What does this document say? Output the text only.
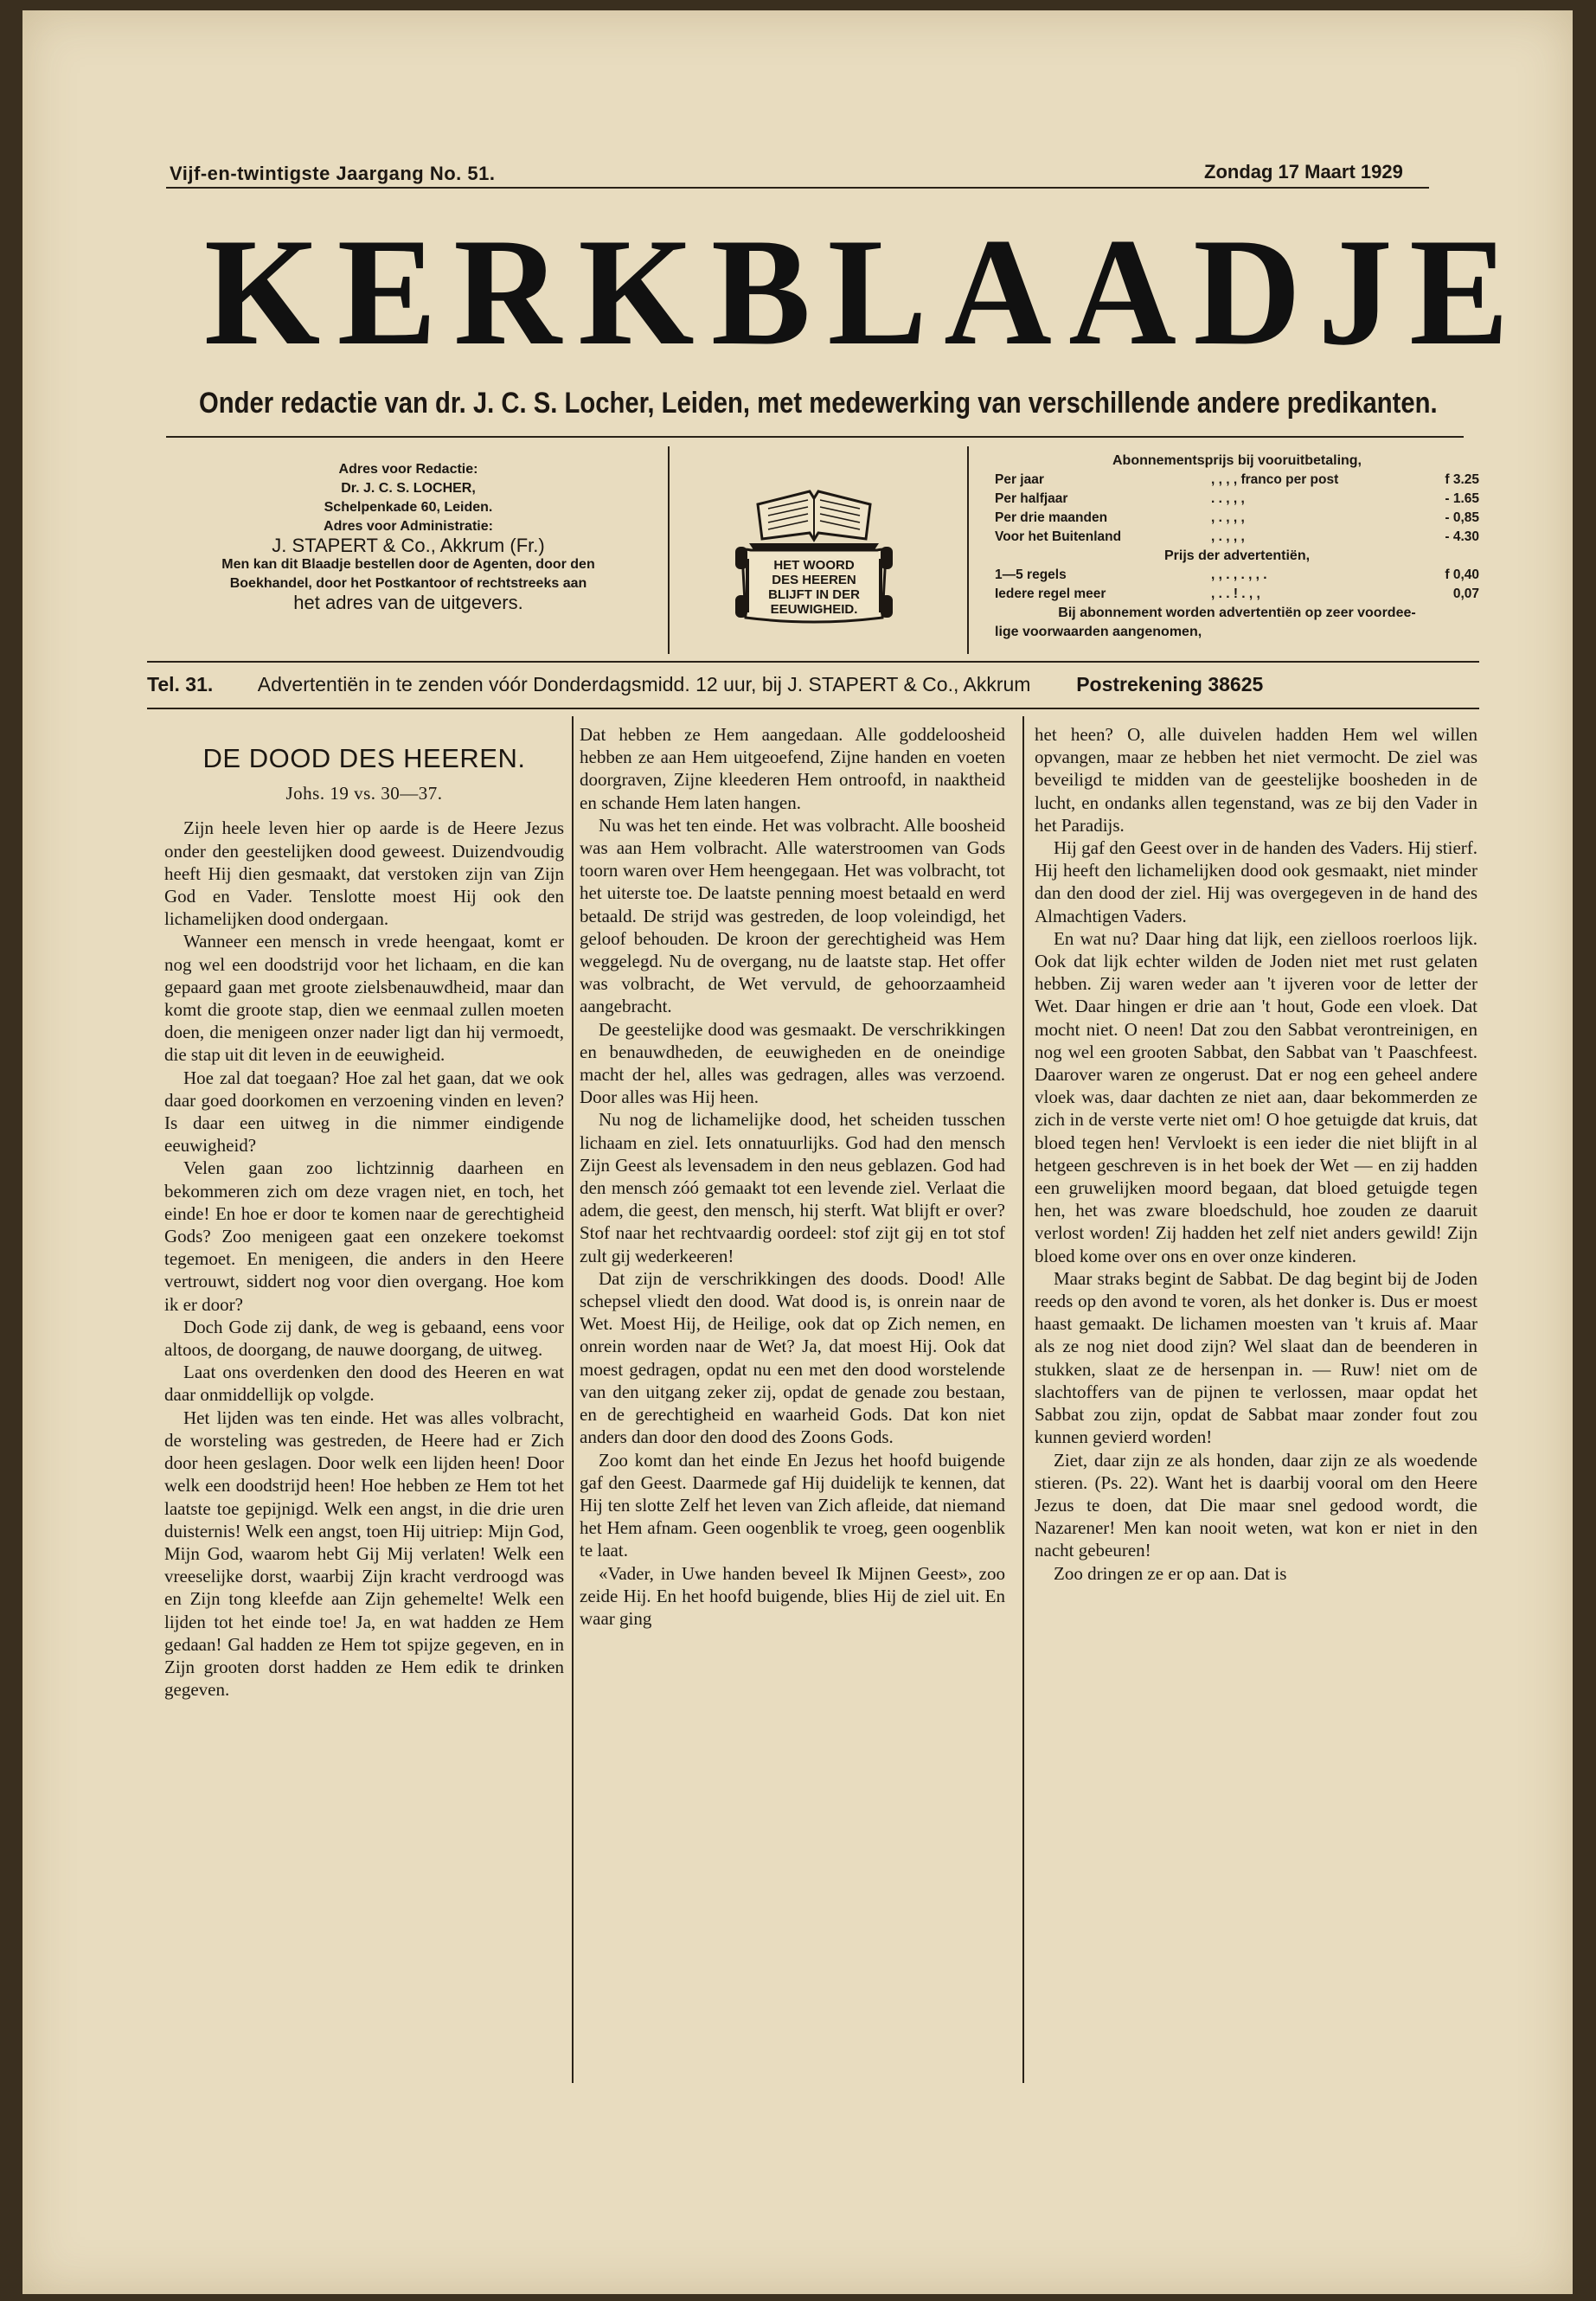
Vijf-en-twintigste Jaargang No. 51.	Zondag 17 Maart 1929
KERKBLAADJE
Onder redactie van dr. J. C. S. Locher, Leiden, met medewerking van verschillende andere predikanten.
Adres voor Redactie:
Dr. J. C. S. LOCHER,
Schelpenkade 60, Leiden.
Adres voor Administratie:
J. STAPERT & Co., Akkrum (Fr.)
Men kan dit Blaadje bestellen door de Agenten, door den
Boekhandel, door het Postkantoor of rechtstreeks aan
het adres van de uitgevers.
HET WOORD
DES HEEREN
BLIJFT IN DER
EEUWIGHEID.
Abonnementsprijs bij vooruitbetaling,
Per jaar	, , , , franco per post	f 3.25
Per halfjaar	. . , , ,	- 1.65
Per drie maanden	, . , , ,	- 0,85
Voor het Buitenland	, . , , ,	- 4.30
Prijs der advertentiën,
1—5 regels	, , . , . , , .	f 0,40
Iedere regel meer	, . . ! . , ,	0,07
Bij abonnement worden advertentiën op zeer voordee-
lige voorwaarden aangenomen,
Tel. 31. Advertentiën in te zenden vóór Donderdagsmidd. 12 uur, bij J. STAPERT & Co., Akkrum Postrekening 38625
DE DOOD DES HEEREN.
Johs. 19 vs. 30—37.

Zijn heele leven hier op aarde is de Heere Jezus onder den geestelijken dood geweest. Duizendvoudig heeft Hij dien gesmaakt, dat verstoken zijn van Zijn God en Vader. Tenslotte moest Hij ook den lichamelijken dood ondergaan.

Wanneer een mensch in vrede heengaat, komt er nog wel een doodstrijd voor het lichaam, en die kan gepaard gaan met groote zielsbenauwdheid, maar dan komt die groote stap, dien we eenmaal zullen moeten doen, die menigeen onzer nader ligt dan hij vermoedt, die stap uit dit leven in de eeuwigheid.

Hoe zal dat toegaan? Hoe zal het gaan, dat we ook daar goed doorkomen en verzoening vinden en leven? Is daar een uitweg in die nimmer eindigende eeuwigheid?

Velen gaan zoo lichtzinnig daarheen en bekommeren zich om deze vragen niet, en toch, het einde! En hoe er door te komen naar de gerechtigheid Gods? Zoo menigeen gaat een onzekere toekomst tegemoet. En menigeen, die anders in den Heere vertrouwt, siddert nog voor dien overgang. Hoe kom ik er door?

Doch Gode zij dank, de weg is gebaand, eens voor altoos, de doorgang, de nauwe doorgang, de uitweg.

Laat ons overdenken den dood des Heeren en wat daar onmiddellijk op volgde.

Het lijden was ten einde. Het was alles volbracht, de worsteling was gestreden, de Heere had er Zich door heen geslagen. Door welk een lijden heen! Door welk een doodstrijd heen! Hoe hebben ze Hem tot het laatste toe gepijnigd. Welk een angst, in die drie uren duisternis! Welk een angst, toen Hij uitriep: Mijn God, Mijn God, waarom hebt Gij Mij verlaten! Welk een vreeselijke dorst, waarbij Zijn kracht verdroogd was en Zijn tong kleefde aan Zijn gehemelte! Welk een lijden tot het einde toe! Ja, en wat hadden ze Hem gedaan! Gal hadden ze Hem tot spijze gegeven, en in Zijn grooten dorst hadden ze Hem edik te drinken gegeven.

Dat hebben ze Hem aangedaan. Alle goddeloosheid hebben ze aan Hem uitgeoefend, Zijne handen en voeten doorgraven, Zijne kleederen Hem ontroofd, in naaktheid en schande Hem laten hangen.

Nu was het ten einde. Het was volbracht. Alle boosheid was aan Hem volbracht. Alle waterstroomen van Gods toorn waren over Hem heengegaan. Het was volbracht, tot het uiterste toe. De laatste penning moest betaald en werd betaald. De strijd was gestreden, de loop voleindigd, het geloof behouden. De kroon der gerechtigheid was Hem weggelegd. Nu de overgang, nu de laatste stap. Het offer was volbracht, de Wet vervuld, de gehoorzaamheid aangebracht.

De geestelijke dood was gesmaakt. De verschrikkingen en benauwdheden, de eeuwigheden en de oneindige macht der hel, alles was gedragen, alles was verzoend. Door alles was Hij heen.

Nu nog de lichamelijke dood, het scheiden tusschen lichaam en ziel. Iets onnatuurlijks. God had den mensch Zijn Geest als levensadem in den neus geblazen. God had den mensch zóó gemaakt tot een levende ziel. Verlaat die adem, die geest, den mensch, hij sterft. Wat blijft er over? Stof naar het rechtvaardig oordeel: stof zijt gij en tot stof zult gij wederkeeren!

Dat zijn de verschrikkingen des doods. Dood! Alle schepsel vliedt den dood. Wat dood is, is onrein naar de Wet. Moest Hij, de Heilige, ook dat op Zich nemen, en onrein worden naar de Wet? Ja, dat moest Hij. Ook dat moest gedragen, opdat nu een met den dood worstelende van den uitgang zeker zij, opdat de genade zou bestaan, en de gerechtigheid en waarheid Gods. Dat kon niet anders dan door den dood des Zoons Gods.

Zoo komt dan het einde En Jezus het hoofd buigende gaf den Geest. Daarmede gaf Hij duidelijk te kennen, dat Hij ten slotte Zelf het leven van Zich afleide, dat niemand het Hem afnam. Geen oogenblik te vroeg, geen oogenblik te laat.

«Vader, in Uwe handen beveel Ik Mijnen Geest», zoo zeide Hij. En het hoofd buigende, blies Hij de ziel uit. En waar ging

het heen? O, alle duivelen hadden Hem wel willen opvangen, maar ze hebben het niet vermocht. De ziel was beveiligd te midden van de geestelijke boosheden in de lucht, en ondanks allen tegenstand, was ze bij den Vader in het Paradijs.

Hij gaf den Geest over in de handen des Vaders. Hij stierf. Hij heeft den lichamelijken dood ook gesmaakt, niet minder dan den dood der ziel. Hij was overgegeven in de hand des Almachtigen Vaders.

En wat nu? Daar hing dat lijk, een zielloos roerloos lijk. Ook dat lijk echter wilden de Joden niet met rust gelaten hebben. Zij waren weder aan 't ijveren voor de letter der Wet. Daar hingen er drie aan 't hout, Gode een vloek. Dat mocht niet. O neen! Dat zou den Sabbat verontreinigen, en nog wel een grooten Sabbat, den Sabbat van 't Paaschfeest. Daarover waren ze ongerust. Dat er nog een geheel andere vloek was, daar dachten ze niet aan, daar bekommerden ze zich in de verste verte niet om! O hoe getuigde dat kruis, dat bloed tegen hen! Vervloekt is een ieder die niet blijft in al hetgeen geschreven is in het boek der Wet — en zij hadden een gruwelijken moord begaan, dat bloed getuigde tegen hen, het was zware bloedschuld, hoe zouden ze daaruit verlost worden! Zij hadden het zelf niet anders gewild! Zijn bloed kome over ons en over onze kinderen.

Maar straks begint de Sabbat. De dag begint bij de Joden reeds op den avond te voren, als het donker is. Dus er moest haast gemaakt. De lichamen moesten van 't kruis af. Maar als ze nog niet dood zijn? Wel slaat dan de beenderen in stukken, slaat ze de hersenpan in. — Ruw! niet om de slachtoffers van de pijnen te verlossen, maar opdat het Sabbat zou zijn, opdat de Sabbat maar zonder fout zou kunnen gevierd worden!

Ziet, daar zijn ze als honden, daar zijn ze als woedende stieren. (Ps. 22). Want het is daarbij vooral om den Heere Jezus te doen, dat Die maar snel gedood wordt, die Nazarener! Men kan nooit weten, wat kon er niet in den nacht gebeuren!

Zoo dringen ze er op aan. Dat is
